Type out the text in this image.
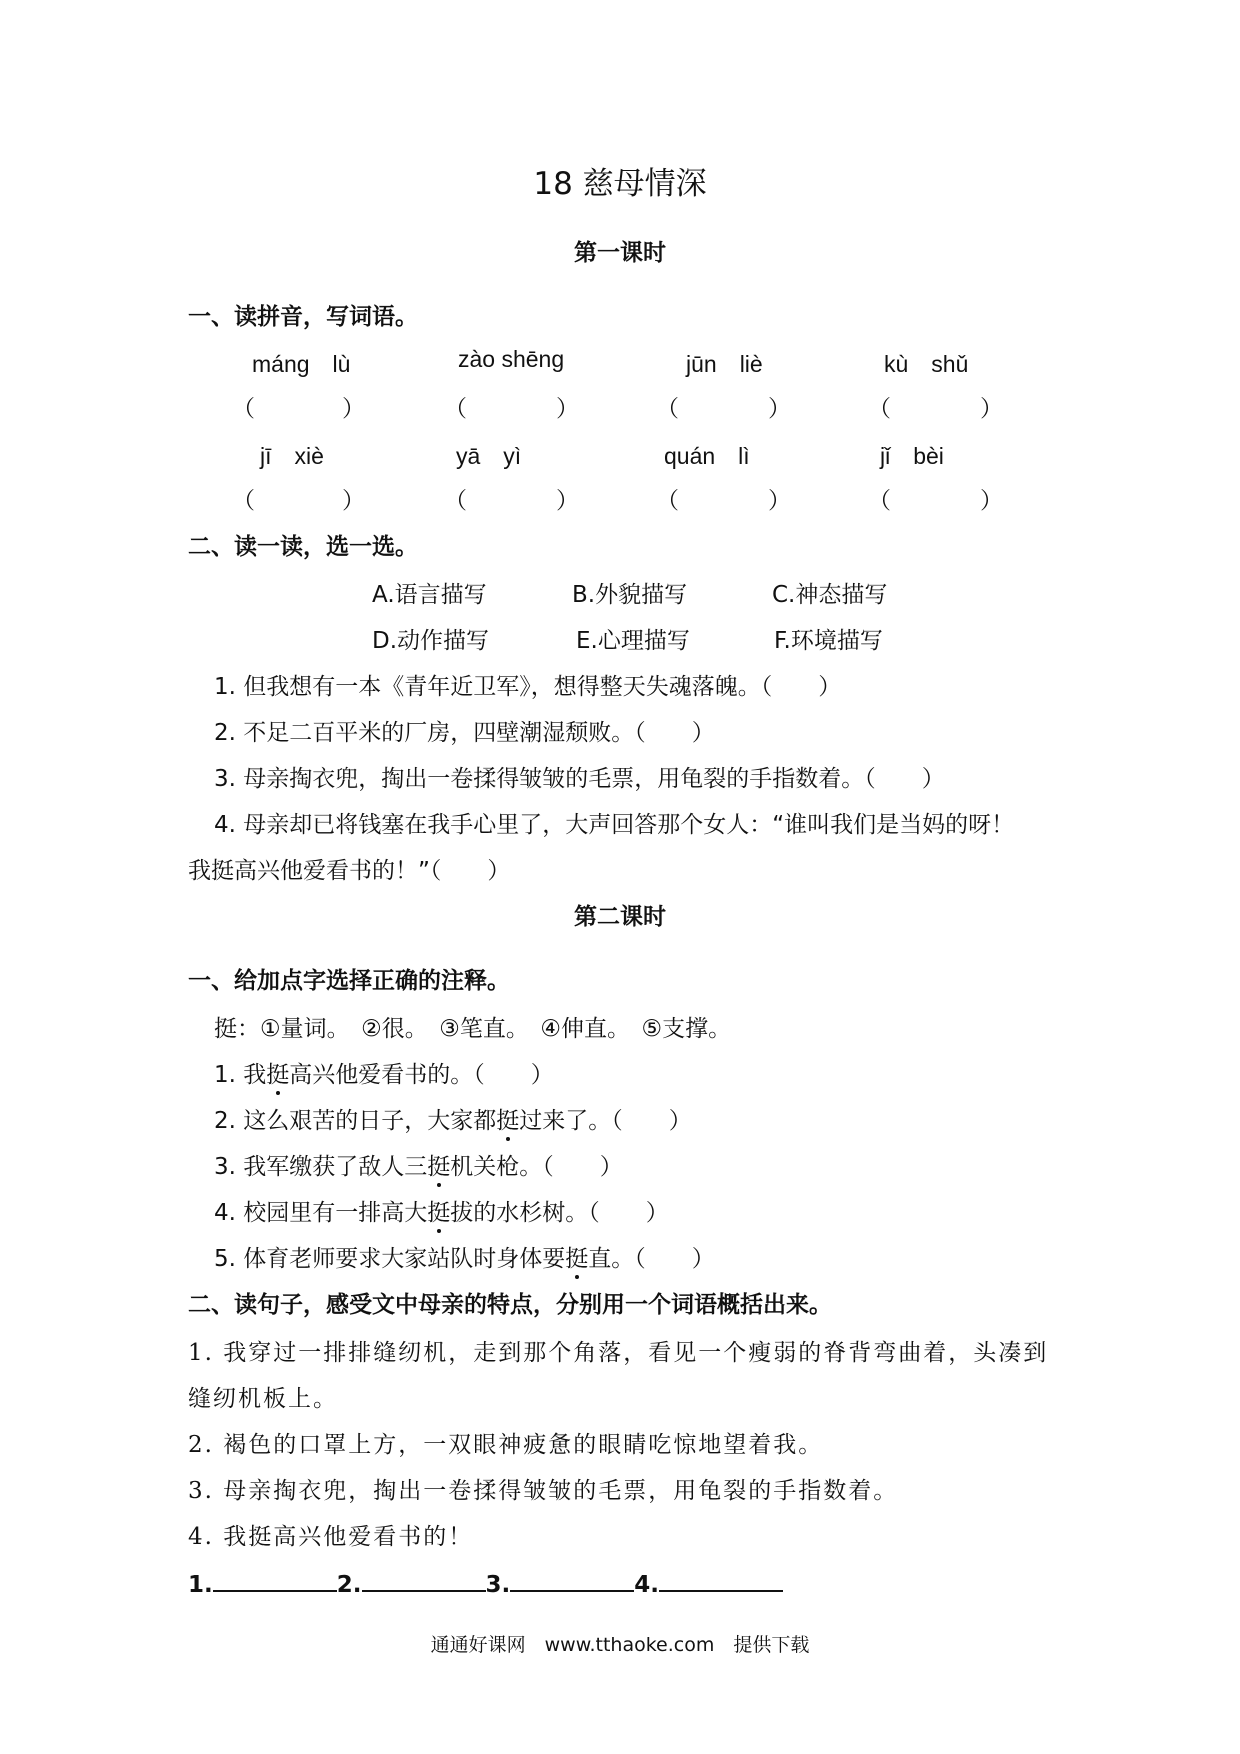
18 慈母情深
第一课时
一、读拼音，写词语。
máng　lù	zào shēng	jūn　liè	kù　shǔ
（	）	（	）	（	）	（	）
jī　xiè	yā　yì	quán　lì	jǐ　bèi
（	）	（	）	（	）	（	）
二、读一读，选一选。
A.语言描写	B.外貌描写	C.神态描写
D.动作描写	E.心理描写	F.环境描写
1. 但我想有一本《青年近卫军》，想得整天失魂落魄。（　　）
2. 不足二百平米的厂房，四壁潮湿颓败。（　　）
3. 母亲掏衣兜，掏出一卷揉得皱皱的毛票，用龟裂的手指数着。（　　）
4. 母亲却已将钱塞在我手心里了，大声回答那个女人：“谁叫我们是当妈的呀！
我挺高兴他爱看书的！”（　　）
第二课时
一、给加点字选择正确的注释。
挺：①量词。　②很。　③笔直。　④伸直。　⑤支撑。
1. 我挺高兴他爱看书的。（　　）
2. 这么艰苦的日子，大家都挺过来了。（　　）
3. 我军缴获了敌人三挺机关枪。（　　）
4. 校园里有一排高大挺拔的水杉树。（　　）
5. 体育老师要求大家站队时身体要挺直。（　　）
二、读句子，感受文中母亲的特点，分别用一个词语概括出来。
1. 我穿过一排排缝纫机，走到那个角落，看见一个瘦弱的脊背弯曲着，头凑到
缝纫机板上。
2. 褐色的口罩上方，一双眼神疲惫的眼睛吃惊地望着我。
3. 母亲掏衣兜，掏出一卷揉得皱皱的毛票，用龟裂的手指数着。
4. 我挺高兴他爱看书的！
1.	2.	3.	4.
通通好课网　www.tthaoke.com　提供下载
